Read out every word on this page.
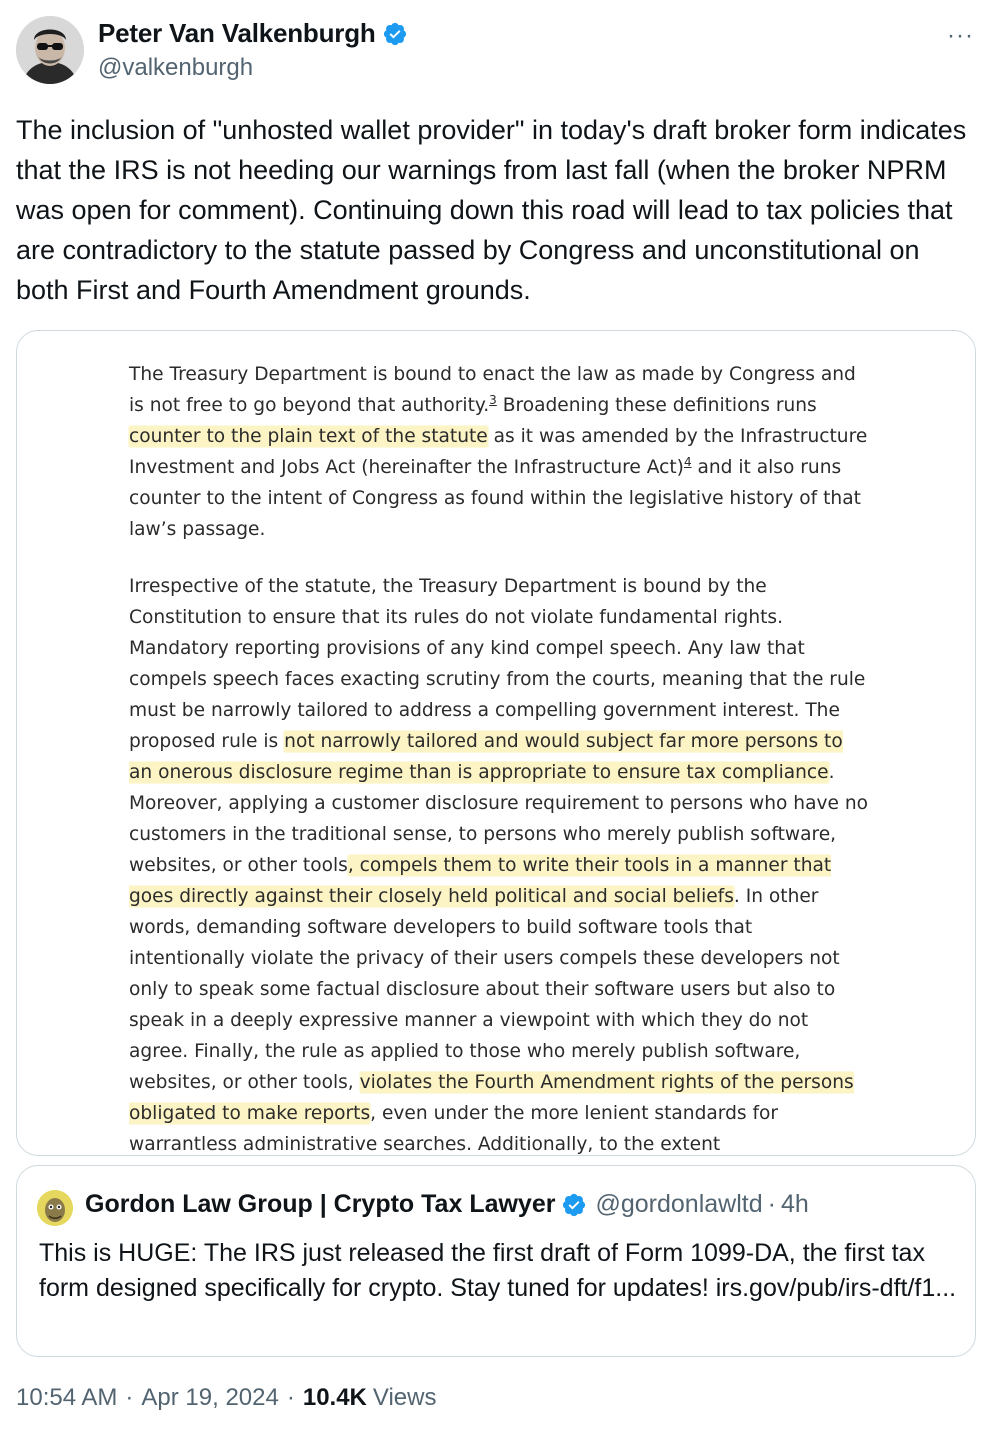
Peter Van Valkenburgh
@valkenburgh
···
The inclusion of "unhosted wallet provider" in today's draft broker form indicates that the IRS is not heeding our warnings from last fall (when the broker NPRM was open for comment). Continuing down this road will lead to tax policies that are contradictory to the statute passed by Congress and unconstitutional on both First and Fourth Amendment grounds.

The Treasury Department is bound to enact the law as made by Congress and is not free to go beyond that authority.$^3$ Broadening these definitions runs counter to the plain text of the statute as it was amended by the Infrastructure Investment and Jobs Act (hereinafter the Infrastructure Act)$^4$ and it also runs counter to the intent of Congress as found within the legislative history of that law’s passage.

Irrespective of the statute, the Treasury Department is bound by the Constitution to ensure that its rules do not violate fundamental rights. Mandatory reporting provisions of any kind compel speech. Any law that compels speech faces exacting scrutiny from the courts, meaning that the rule must be narrowly tailored to address a compelling government interest. The proposed rule is not narrowly tailored and would subject far more persons to an onerous disclosure regime than is appropriate to ensure tax compliance. Moreover, applying a customer disclosure requirement to persons who have no customers in the traditional sense, to persons who merely publish software, websites, or other tools, compels them to write their tools in a manner that goes directly against their closely held political and social beliefs. In other words, demanding software developers to build software tools that intentionally violate the privacy of their users compels these developers not only to speak some factual disclosure about their software users but also to speak in a deeply expressive manner a viewpoint with which they do not agree. Finally, the rule as applied to those who merely publish software, websites, or other tools, violates the Fourth Amendment rights of the persons obligated to make reports, even under the more lenient standards for warrantless administrative searches. Additionally, to the extent

Gordon Law Group | Crypto Tax Lawyer @gordonlawltd · 4h
This is HUGE: The IRS just released the first draft of Form 1099-DA, the first tax form designed specifically for crypto. Stay tuned for updates! irs.gov/pub/irs-dft/f1...
10:54 AM · Apr 19, 2024 · 10.4K Views
